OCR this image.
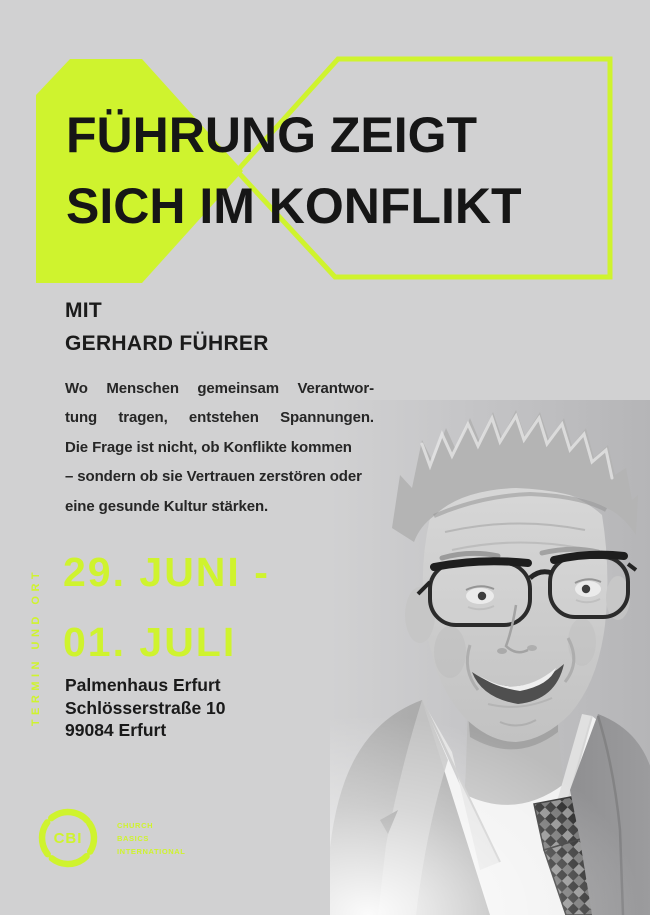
FÜHRUNG ZEIGT
SICH IM KONFLIKT
MIT
GERHARD FÜHRER
Wo Menschen gemeinsam Verantwor-
tung tragen, entstehen Spannungen.
Die Frage ist nicht, ob Konflikte kommen
– sondern ob sie Vertrauen zerstören oder
eine gesunde Kultur stärken.
TERMIN UND ORT 29. JUNI -
01. JULI
Palmenhaus Erfurt
Schlösserstraße 10
99084 Erfurt
CBI
CHURCH
BASICS
INTERNATIONAL
